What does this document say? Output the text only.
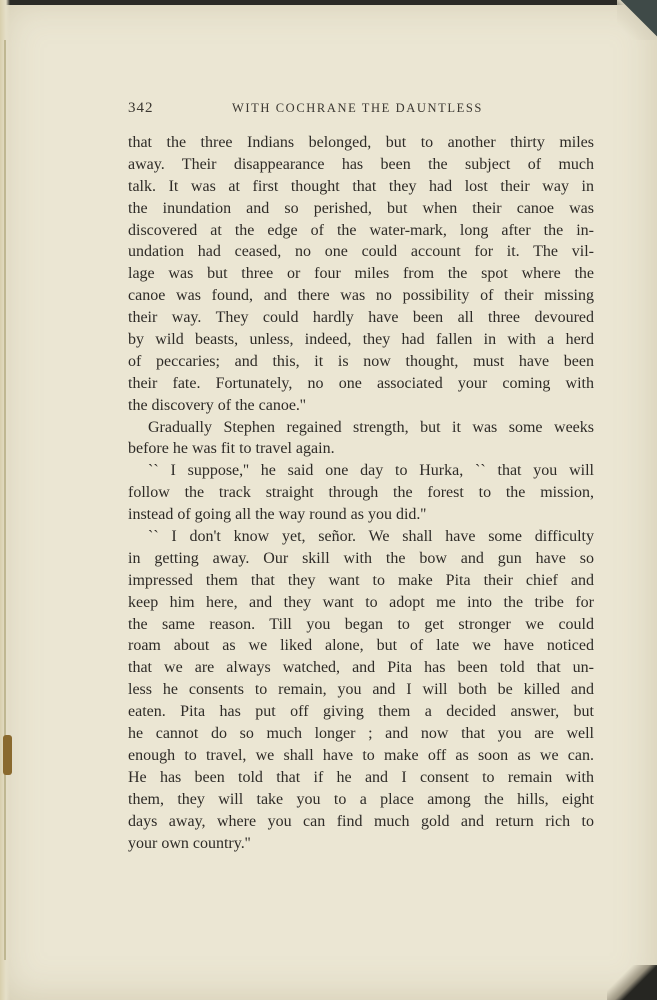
342	WITH COCHRANE THE DAUNTLESS
that the three Indians belonged, but to another thirty miles
away. Their disappearance has been the subject of much
talk. It was at first thought that they had lost their way in
the inundation and so perished, but when their canoe was
discovered at the edge of the water-mark, long after the in-
undation had ceased, no one could account for it. The vil-
lage was but three or four miles from the spot where the
canoe was found, and there was no possibility of their missing
their way. They could hardly have been all three devoured
by wild beasts, unless, indeed, they had fallen in with a herd
of peccaries; and this, it is now thought, must have been
their fate. Fortunately, no one associated your coming with
the discovery of the canoe.''
Gradually Stephen regained strength, but it was some weeks
before he was fit to travel again.
`` I suppose,'' he said one day to Hurka, `` that you will
follow the track straight through the forest to the mission,
instead of going all the way round as you did.''
`` I don't know yet, señor. We shall have some difficulty
in getting away. Our skill with the bow and gun have so
impressed them that they want to make Pita their chief and
keep him here, and they want to adopt me into the tribe for
the same reason. Till you began to get stronger we could
roam about as we liked alone, but of late we have noticed
that we are always watched, and Pita has been told that un-
less he consents to remain, you and I will both be killed and
eaten. Pita has put off giving them a decided answer, but
he cannot do so much longer ; and now that you are well
enough to travel, we shall have to make off as soon as we can.
He has been told that if he and I consent to remain with
them, they will take you to a place among the hills, eight
days away, where you can find much gold and return rich to
your own country.''
